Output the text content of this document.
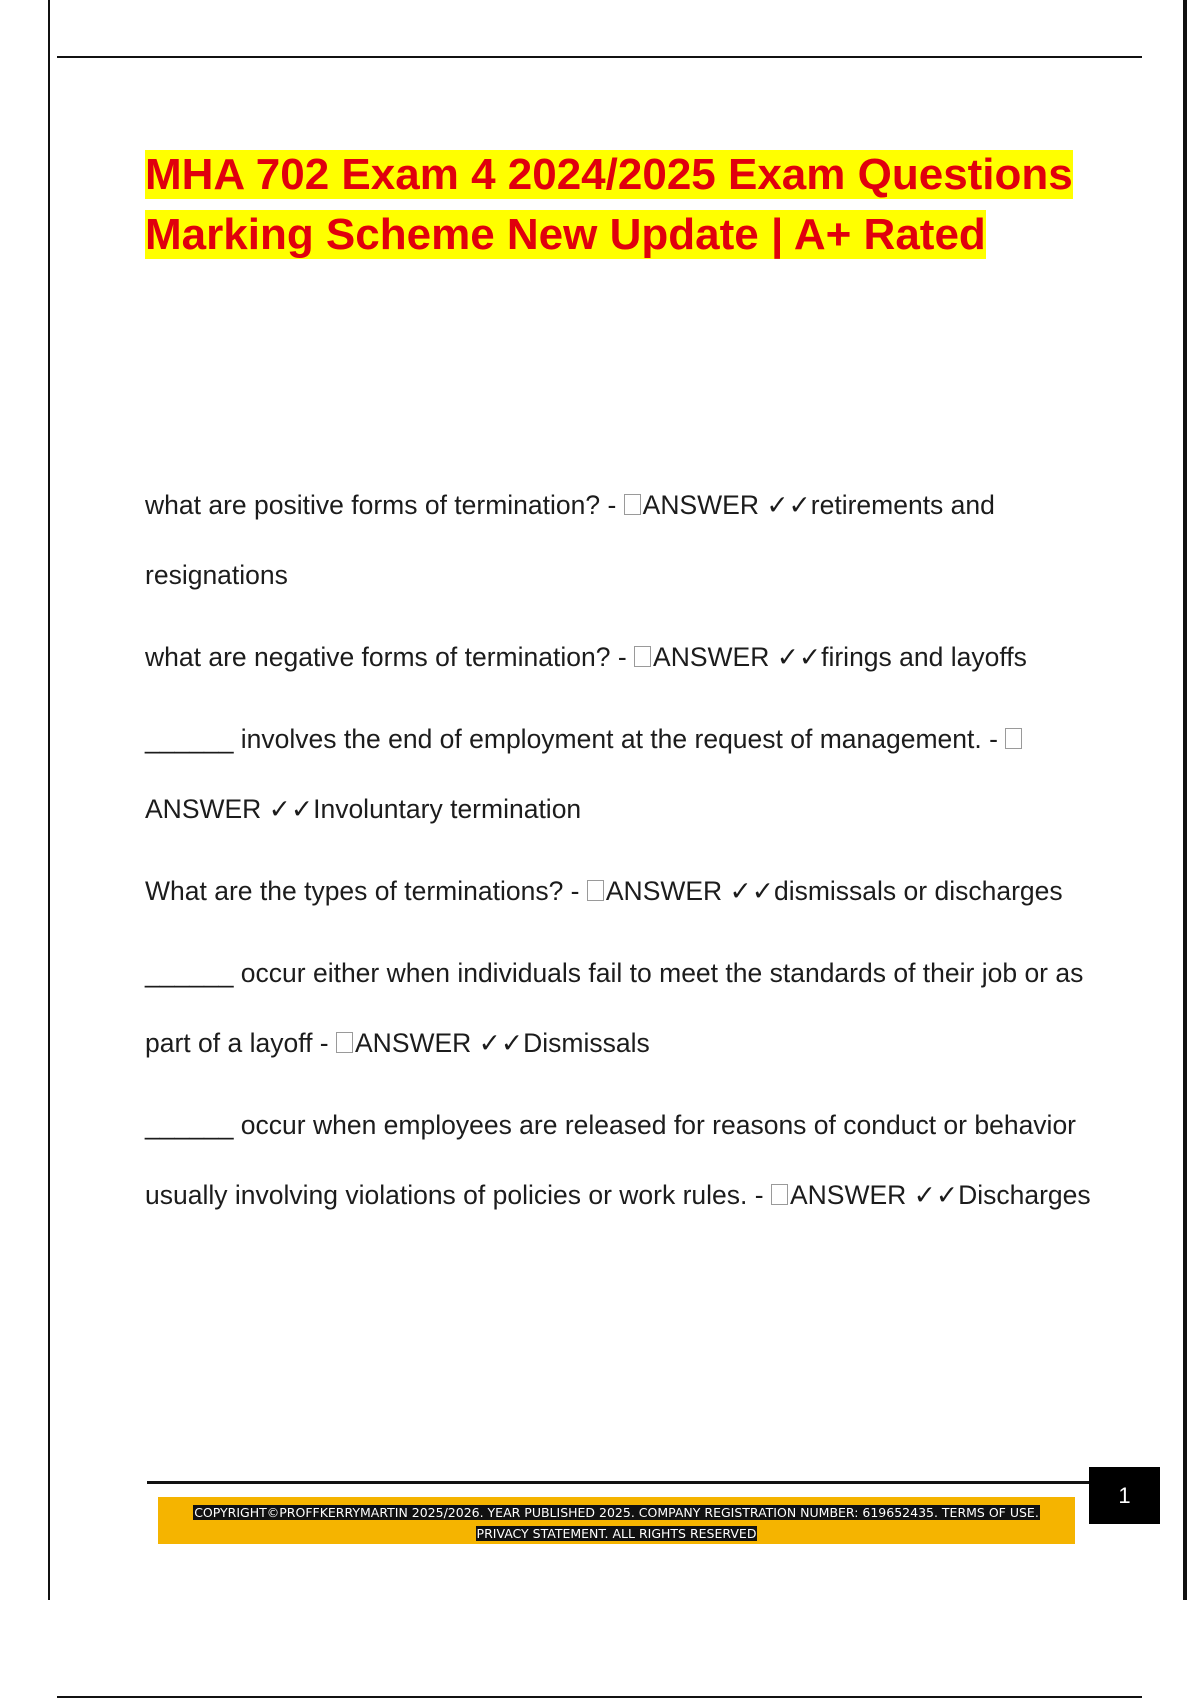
MHA 702 Exam 4 2024/2025 Exam Questions Marking Scheme New Update | A+ Rated

what are positive forms of termination? - ANSWER ✓✓retirements and resignations

what are negative forms of termination? - ANSWER ✓✓firings and layoffs

______ involves the end of employment at the request of management. - ANSWER ✓✓Involuntary termination

What are the types of terminations? - ANSWER ✓✓dismissals or discharges

______ occur either when individuals fail to meet the standards of their job or as part of a layoff - ANSWER ✓✓Dismissals

______ occur when employees are released for reasons of conduct or behavior usually involving violations of policies or work rules. - ANSWER ✓✓Discharges

1
COPYRIGHT©PROFFKERRYMARTIN 2025/2026. YEAR PUBLISHED 2025. COMPANY REGISTRATION NUMBER: 619652435. TERMS OF USE.
PRIVACY STATEMENT. ALL RIGHTS RESERVED
